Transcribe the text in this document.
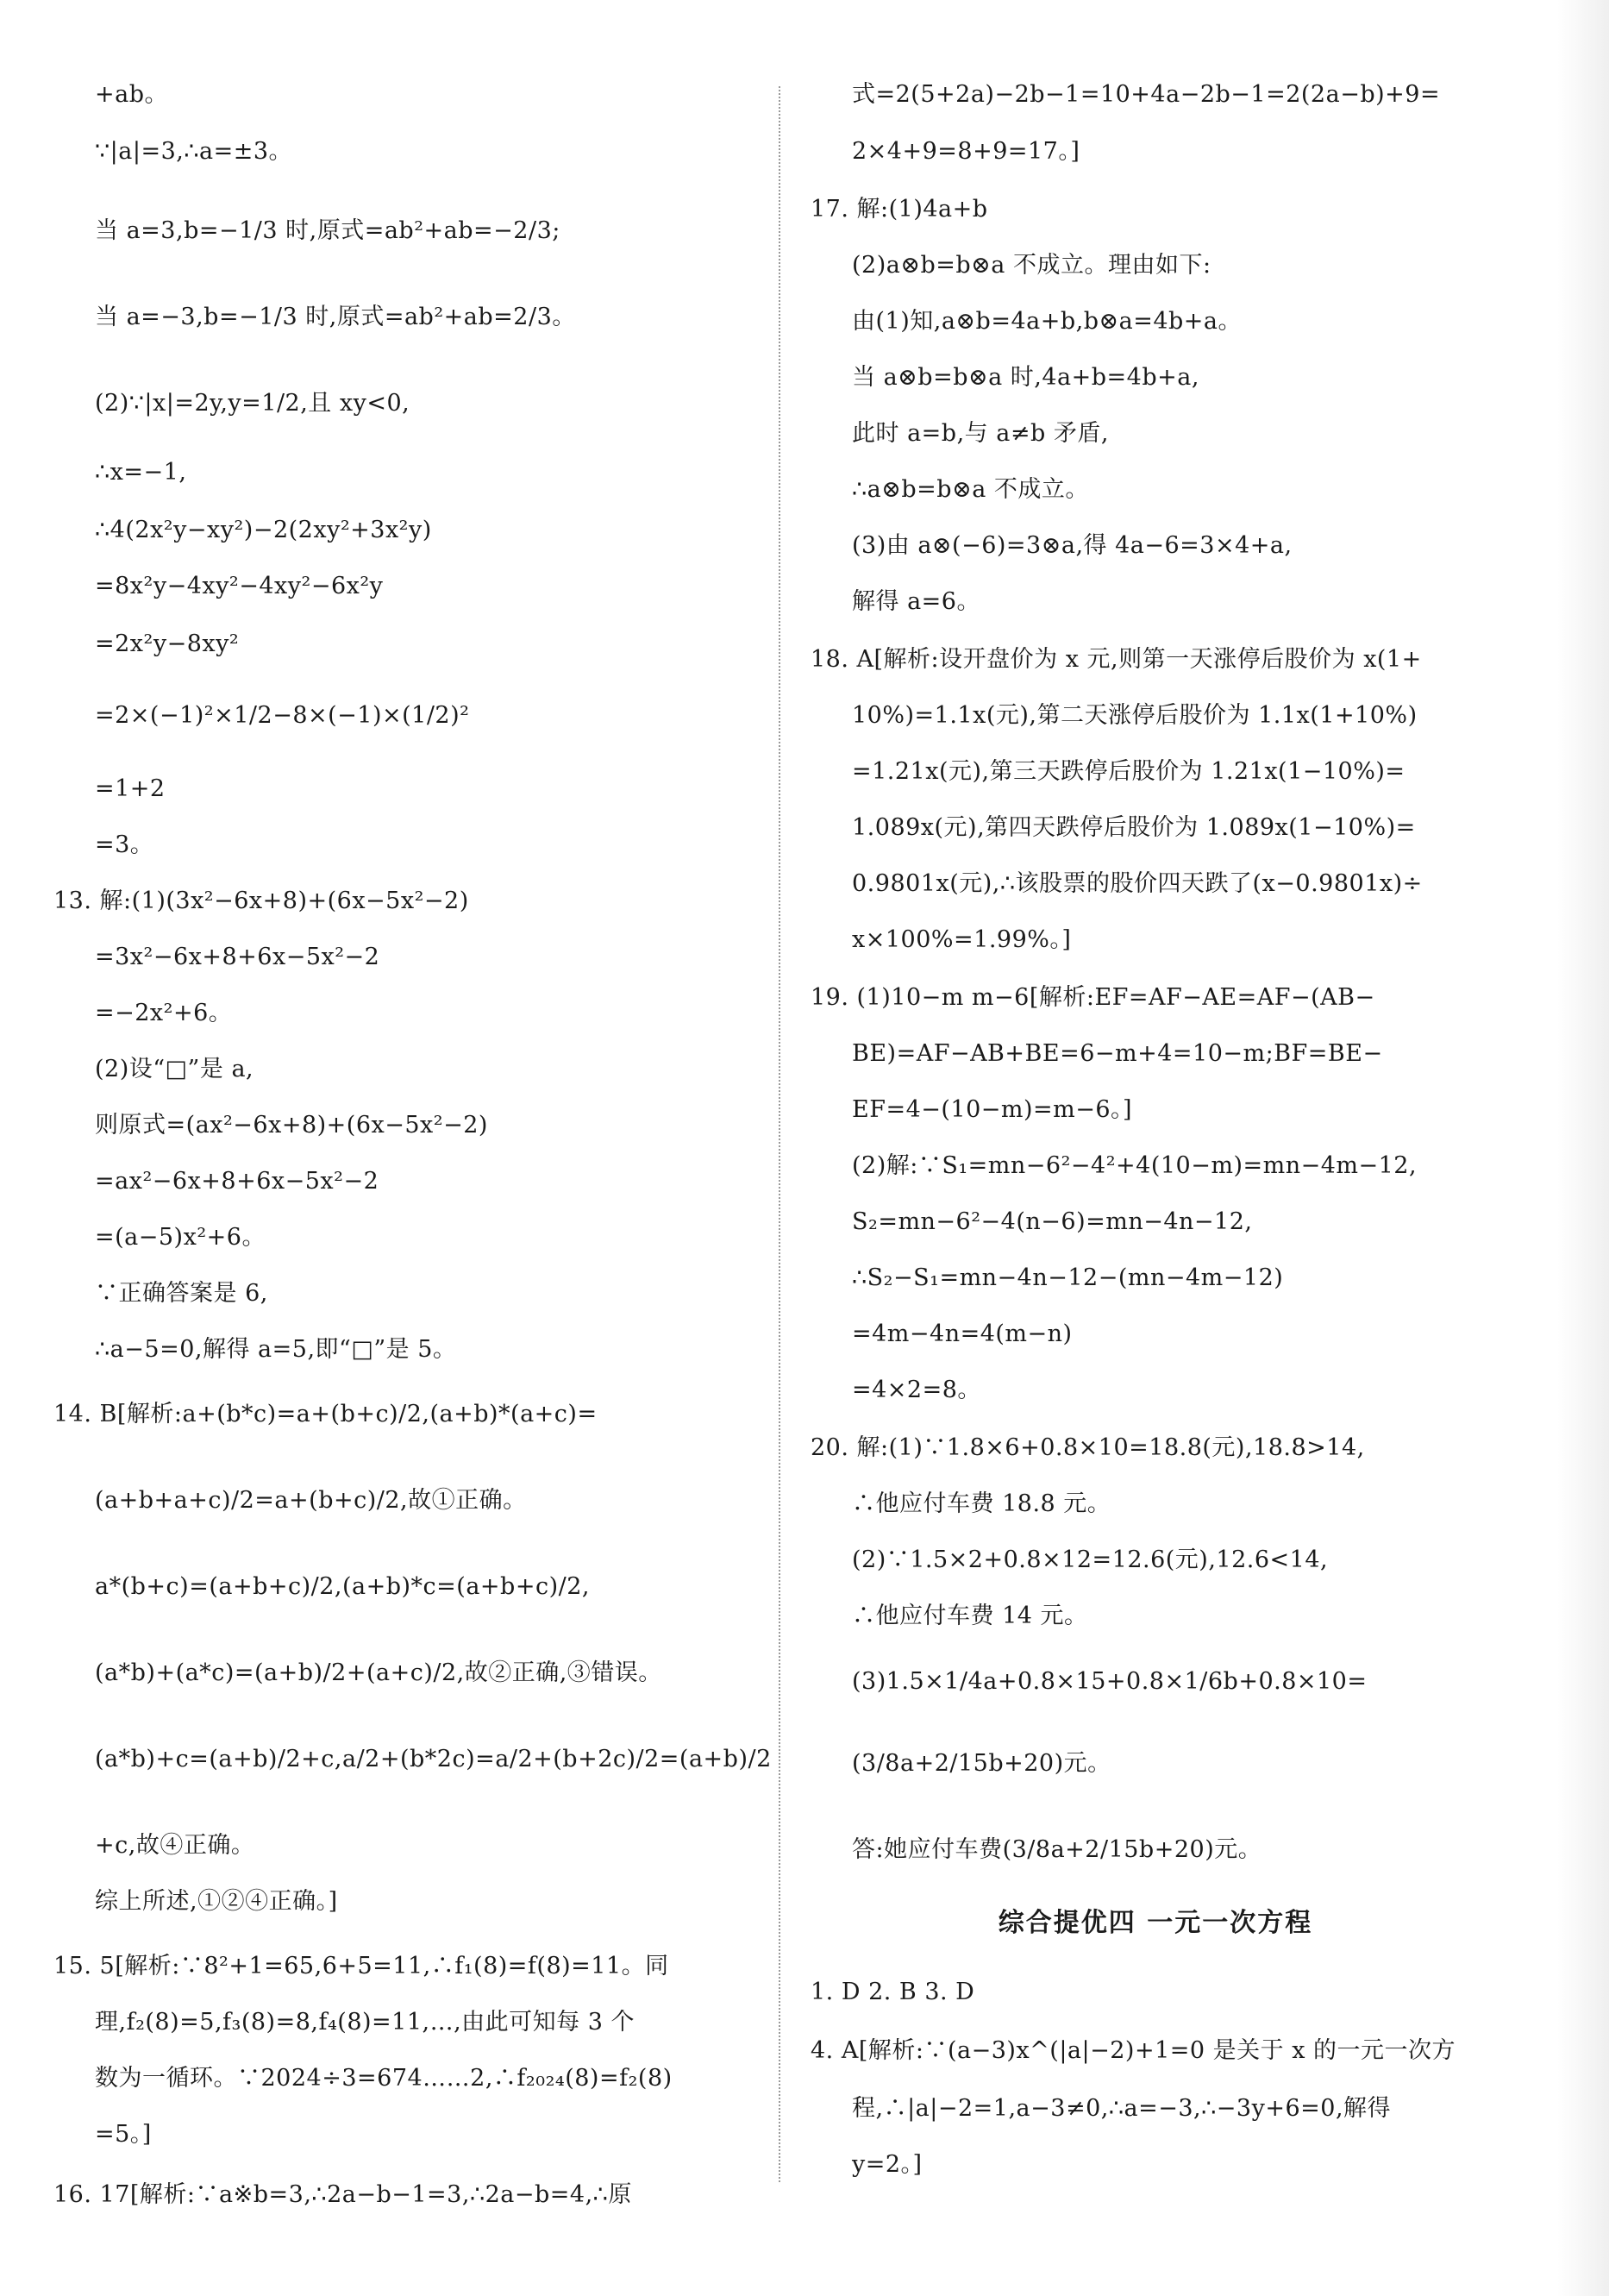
+ab。
∵|a|=3,∴a=±3。
当 a=3,b=−1/3 时,原式=ab²+ab=−2/3;
当 a=−3,b=−1/3 时,原式=ab²+ab=2/3。
(2)∵|x|=2y,y=1/2,且 xy<0,
∴x=−1,
∴4(2x²y−xy²)−2(2xy²+3x²y)
=8x²y−4xy²−4xy²−6x²y
=2x²y−8xy²
=2×(−1)²×1/2−8×(−1)×(1/2)²
=1+2
=3。
13. 解:(1)(3x²−6x+8)+(6x−5x²−2)
=3x²−6x+8+6x−5x²−2
=−2x²+6。
(2)设“□”是 a,
则原式=(ax²−6x+8)+(6x−5x²−2)
=ax²−6x+8+6x−5x²−2
=(a−5)x²+6。
∵正确答案是 6,
∴a−5=0,解得 a=5,即“□”是 5。
14. B[解析:a+(b*c)=a+(b+c)/2,(a+b)*(a+c)=
(a+b+a+c)/2=a+(b+c)/2,故①正确。
a*(b+c)=(a+b+c)/2,(a+b)*c=(a+b+c)/2,
(a*b)+(a*c)=(a+b)/2+(a+c)/2,故②正确,③错误。
(a*b)+c=(a+b)/2+c,a/2+(b*2c)=a/2+(b+2c)/2=(a+b)/2
+c,故④正确。
综上所述,①②④正确。]
15. 5[解析:∵8²+1=65,6+5=11,∴f₁(8)=f(8)=11。同
理,f₂(8)=5,f₃(8)=8,f₄(8)=11,…,由此可知每 3 个
数为一循环。∵2024÷3=674……2,∴f₂₀₂₄(8)=f₂(8)
=5。]
16. 17[解析:∵a※b=3,∴2a−b−1=3,∴2a−b=4,∴原
式=2(5+2a)−2b−1=10+4a−2b−1=2(2a−b)+9=
2×4+9=8+9=17。]
17. 解:(1)4a+b
(2)a⊗b=b⊗a 不成立。理由如下:
由(1)知,a⊗b=4a+b,b⊗a=4b+a。
当 a⊗b=b⊗a 时,4a+b=4b+a,
此时 a=b,与 a≠b 矛盾,
∴a⊗b=b⊗a 不成立。
(3)由 a⊗(−6)=3⊗a,得 4a−6=3×4+a,
解得 a=6。
18. A[解析:设开盘价为 x 元,则第一天涨停后股价为 x(1+
10%)=1.1x(元),第二天涨停后股价为 1.1x(1+10%)
=1.21x(元),第三天跌停后股价为 1.21x(1−10%)=
1.089x(元),第四天跌停后股价为 1.089x(1−10%)=
0.9801x(元),∴该股票的股价四天跌了(x−0.9801x)÷
x×100%=1.99%。]
19. (1)10−m m−6[解析:EF=AF−AE=AF−(AB−
BE)=AF−AB+BE=6−m+4=10−m;BF=BE−
EF=4−(10−m)=m−6。]
(2)解:∵S₁=mn−6²−4²+4(10−m)=mn−4m−12,
S₂=mn−6²−4(n−6)=mn−4n−12,
∴S₂−S₁=mn−4n−12−(mn−4m−12)
=4m−4n=4(m−n)
=4×2=8。
20. 解:(1)∵1.8×6+0.8×10=18.8(元),18.8>14,
∴他应付车费 18.8 元。
(2)∵1.5×2+0.8×12=12.6(元),12.6<14,
∴他应付车费 14 元。
(3)1.5×1/4a+0.8×15+0.8×1/6b+0.8×10=
(3/8a+2/15b+20)元。
答:她应付车费(3/8a+2/15b+20)元。
综合提优四 一元一次方程
1. D 2. B 3. D
4. A[解析:∵(a−3)x^(|a|−2)+1=0 是关于 x 的一元一次方
程,∴|a|−2=1,a−3≠0,∴a=−3,∴−3y+6=0,解得
y=2。]
